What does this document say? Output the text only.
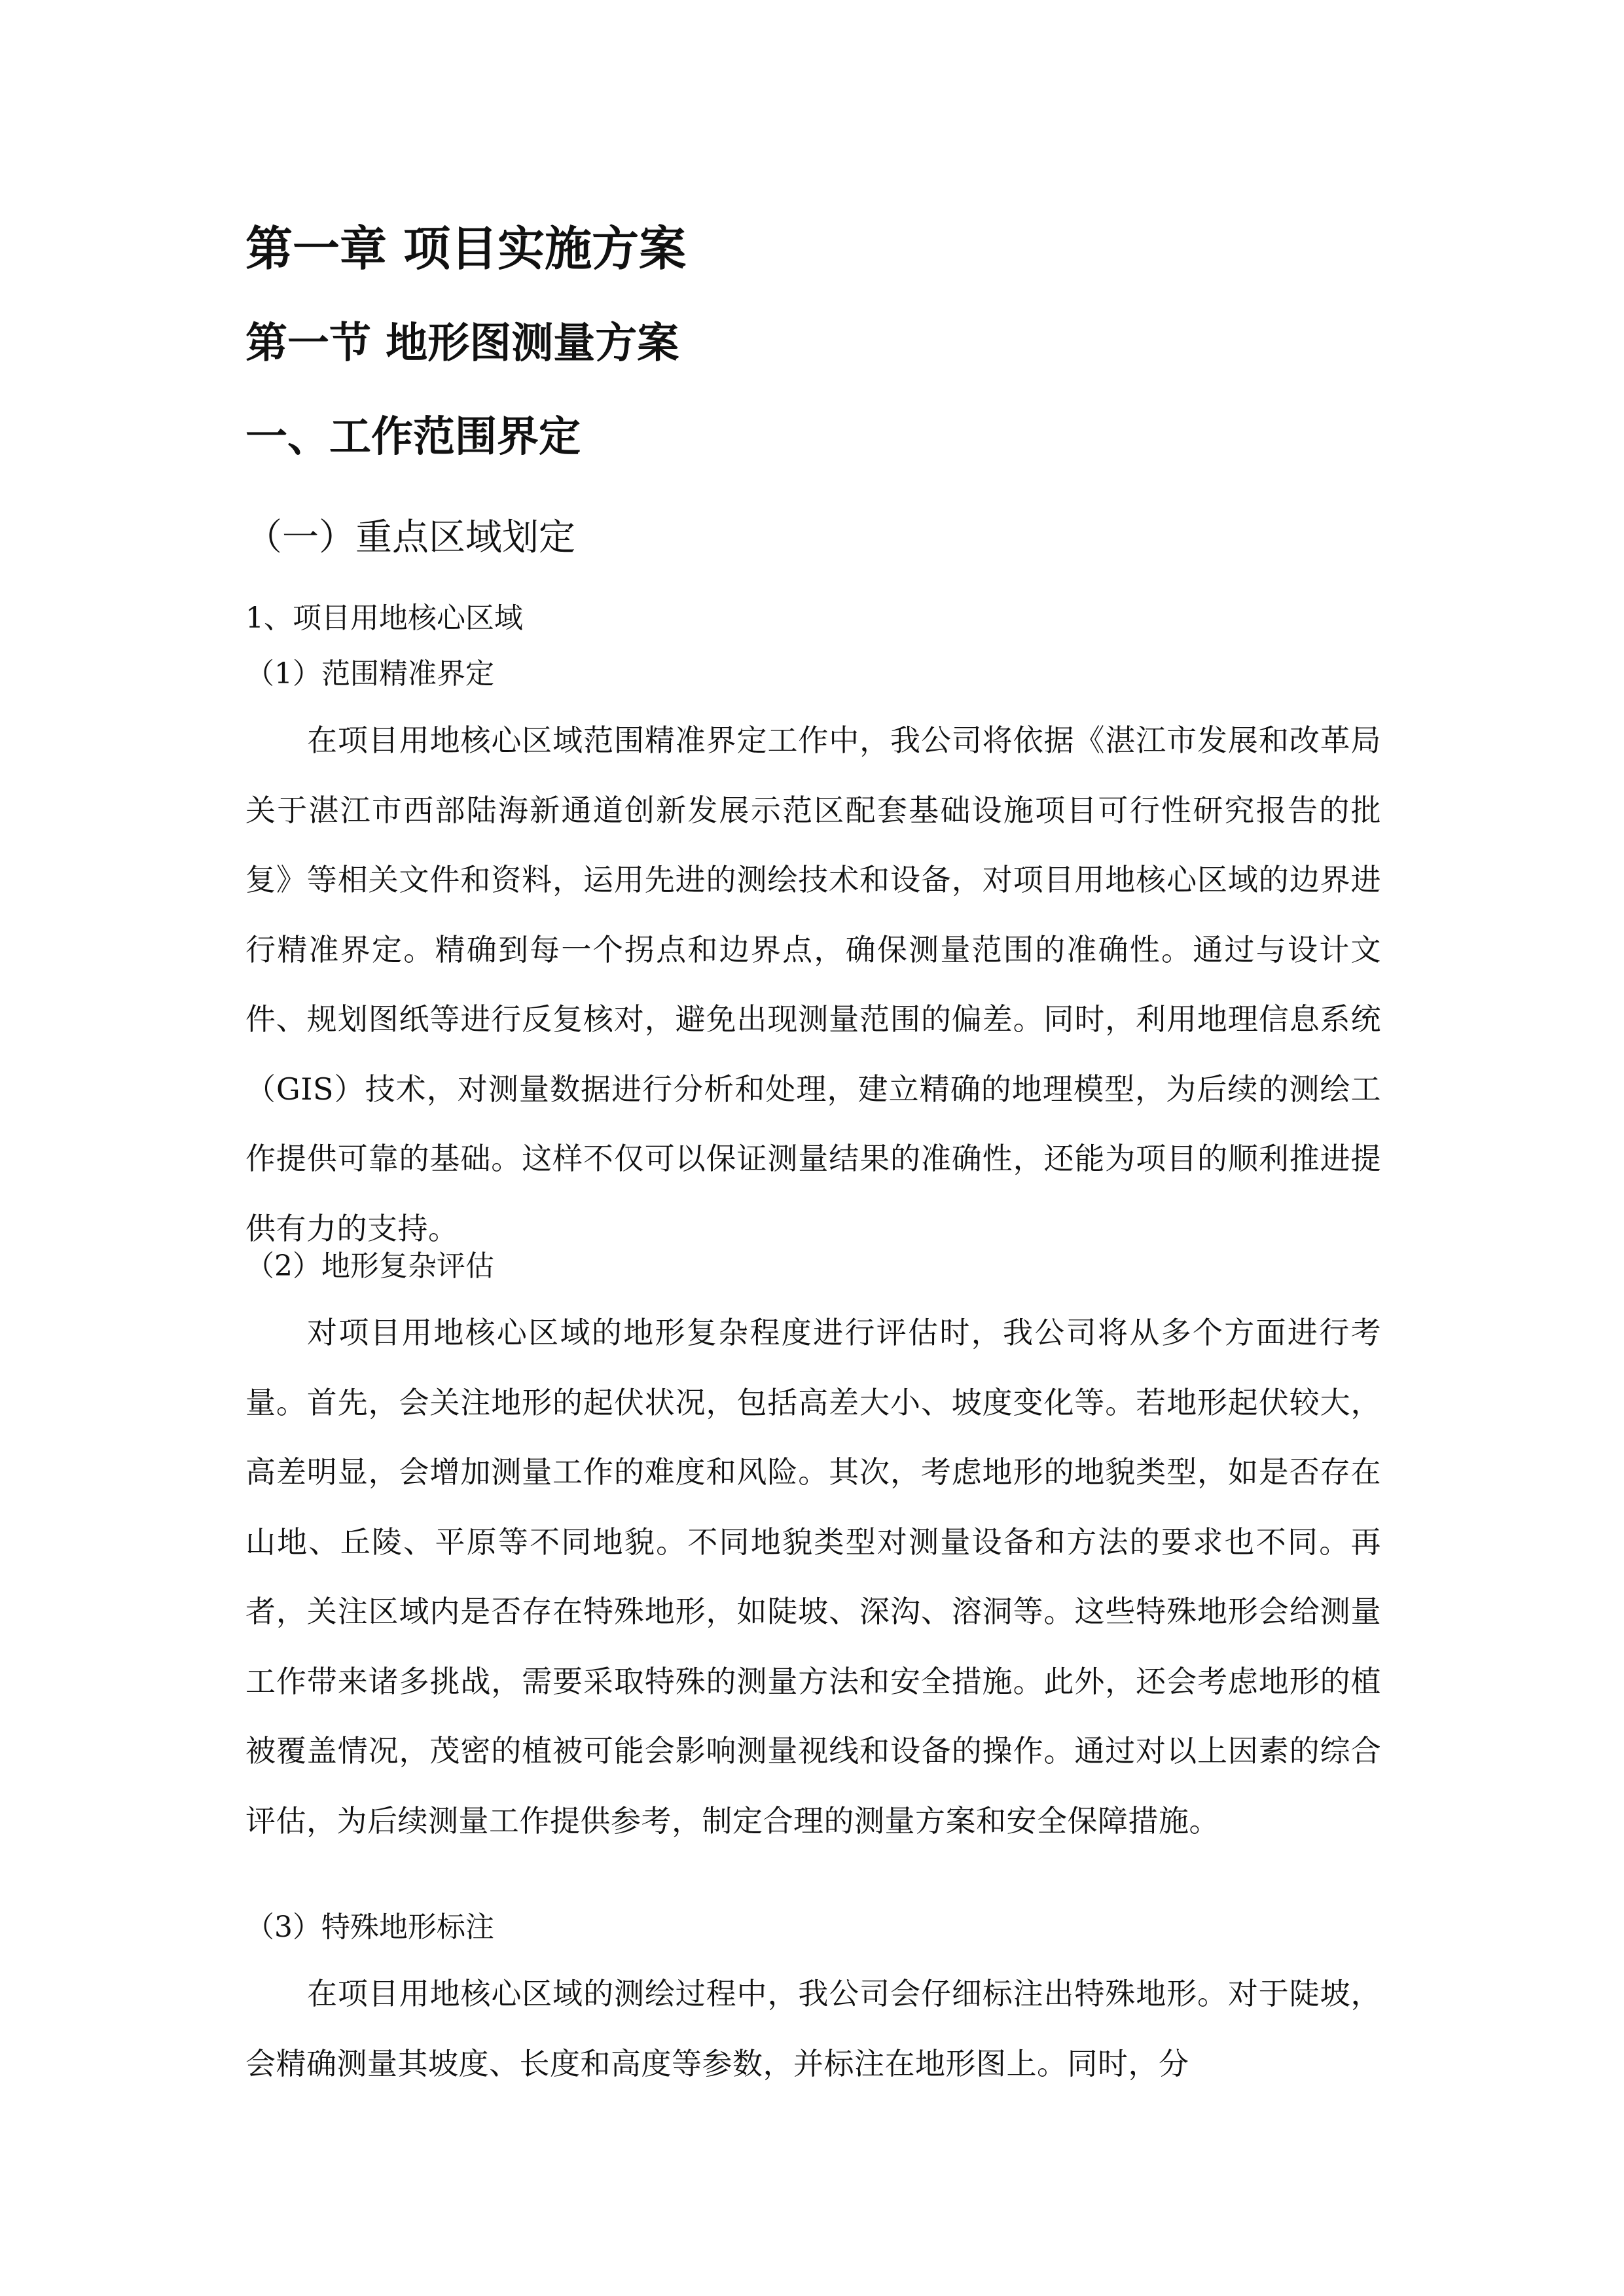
第一章 项目实施方案
第一节 地形图测量方案
一、工作范围界定
（一）重点区域划定
1、项目用地核心区域
（1）范围精准界定

在项目用地核心区域范围精准界定工作中，我公司将依据《湛江市发展和改革局关于湛江市西部陆海新通道创新发展示范区配套基础设施项目可行性研究报告的批复》等相关文件和资料，运用先进的测绘技术和设备，对项目用地核心区域的边界进行精准界定。精确到每一个拐点和边界点，确保测量范围的准确性。通过与设计文件、规划图纸等进行反复核对，避免出现测量范围的偏差。同时，利用地理信息系统（GIS）技术，对测量数据进行分析和处理，建立精确的地理模型，为后续的测绘工作提供可靠的基础。这样不仅可以保证测量结果的准确性，还能为项目的顺利推进提供有力的支持。

（2）地形复杂评估

对项目用地核心区域的地形复杂程度进行评估时，我公司将从多个方面进行考量。首先，会关注地形的起伏状况，包括高差大小、坡度变化等。若地形起伏较大，高差明显，会增加测量工作的难度和风险。其次，考虑地形的地貌类型，如是否存在山地、丘陵、平原等不同地貌。不同地貌类型对测量设备和方法的要求也不同。再者，关注区域内是否存在特殊地形，如陡坡、深沟、溶洞等。这些特殊地形会给测量工作带来诸多挑战，需要采取特殊的测量方法和安全措施。此外，还会考虑地形的植被覆盖情况，茂密的植被可能会影响测量视线和设备的操作。通过对以上因素的综合评估，为后续测量工作提供参考，制定合理的测量方案和安全保障措施。

（3）特殊地形标注

在项目用地核心区域的测绘过程中，我公司会仔细标注出特殊地形。对于陡坡，会精确测量其坡度、长度和高度等参数，并标注在地形图上。同时，分
